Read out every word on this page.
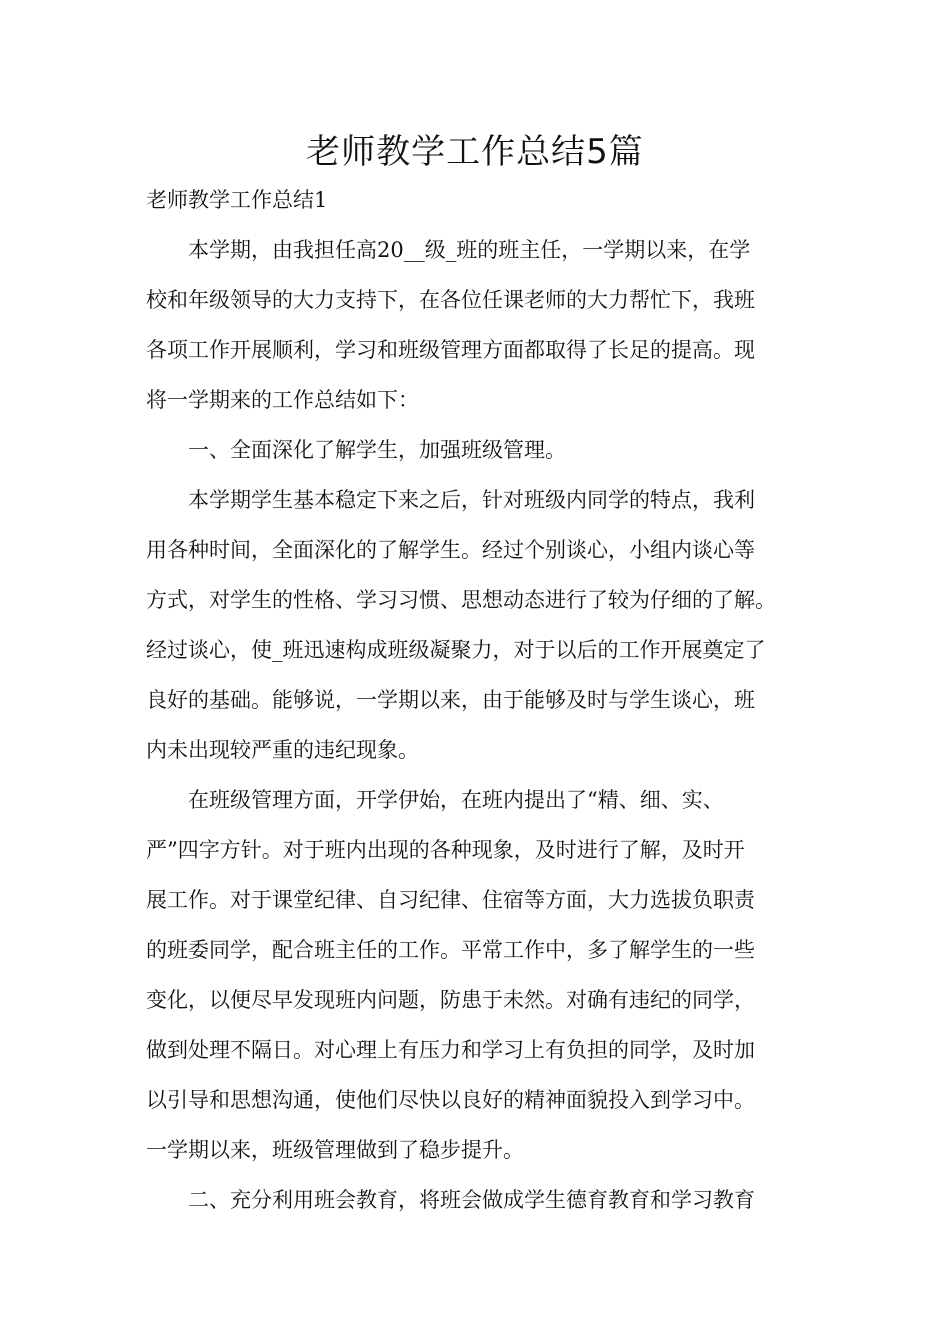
老师教学工作总结5篇

老师教学工作总结1

　　本学期，由我担任高20__级_班的班主任，一学期以来，在学

校和年级领导的大力支持下，在各位任课老师的大力帮忙下，我班

各项工作开展顺利，学习和班级管理方面都取得了长足的提高。现

将一学期来的工作总结如下：

　　一、全面深化了解学生，加强班级管理。

　　本学期学生基本稳定下来之后，针对班级内同学的特点，我利

用各种时间，全面深化的了解学生。经过个别谈心，小组内谈心等

方式，对学生的性格、学习习惯、思想动态进行了较为仔细的了解。

经过谈心，使_班迅速构成班级凝聚力，对于以后的工作开展奠定了

良好的基础。能够说，一学期以来，由于能够及时与学生谈心，班

内未出现较严重的违纪现象。

　　在班级管理方面，开学伊始，在班内提出了“精、细、实、

严”四字方针。对于班内出现的各种现象，及时进行了解，及时开

展工作。对于课堂纪律、自习纪律、住宿等方面，大力选拔负职责

的班委同学，配合班主任的工作。平常工作中，多了解学生的一些

变化，以便尽早发现班内问题，防患于未然。对确有违纪的同学，

做到处理不隔日。对心理上有压力和学习上有负担的同学，及时加

以引导和思想沟通，使他们尽快以良好的精神面貌投入到学习中。

一学期以来，班级管理做到了稳步提升。

　　二、充分利用班会教育，将班会做成学生德育教育和学习教育
